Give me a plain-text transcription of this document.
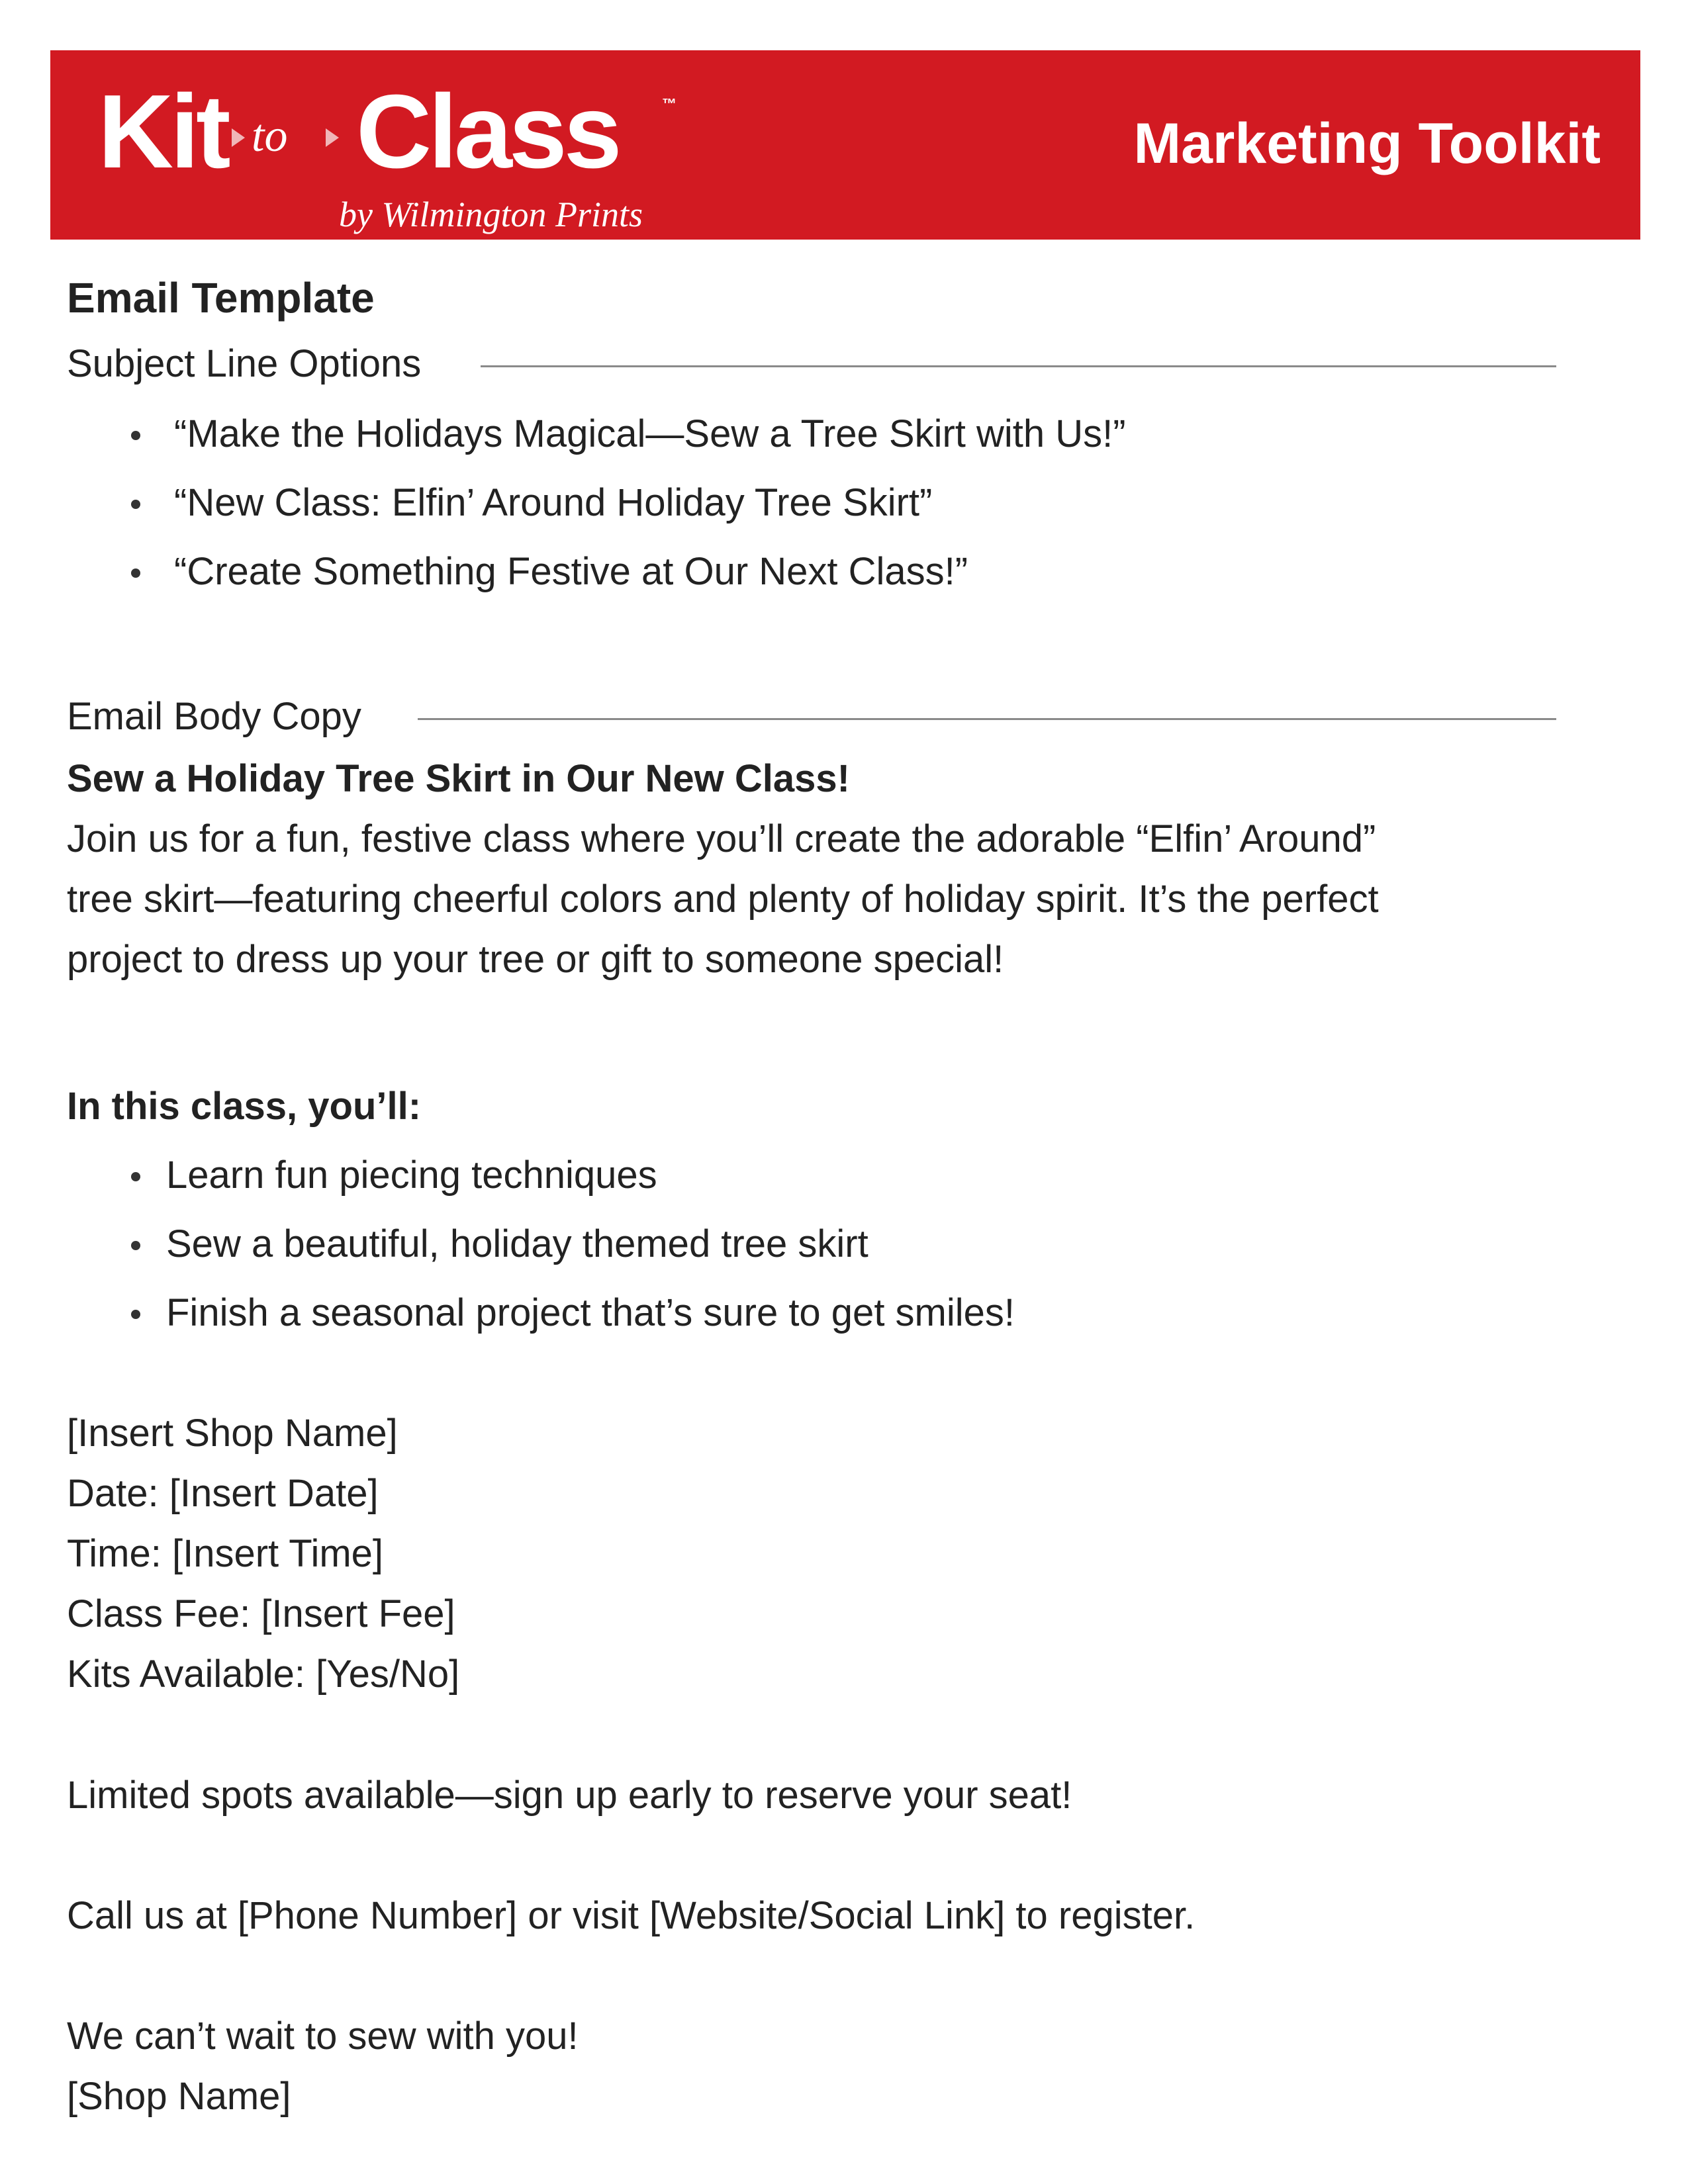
Kit to Class	™
by Wilmington Prints
Marketing Toolkit
Email Template
Subject Line Options
“Make the Holidays Magical—Sew a Tree Skirt with Us!”
“New Class: Elfin’ Around Holiday Tree Skirt”
“Create Something Festive at Our Next Class!”
Email Body Copy
Sew a Holiday Tree Skirt in Our New Class!
Join us for a fun, festive class where you’ll create the adorable “Elfin’ Around”
tree skirt—featuring cheerful colors and plenty of holiday spirit. It’s the perfect
project to dress up your tree or gift to someone special!
In this class, you’ll:
Learn fun piecing techniques
Sew a beautiful, holiday themed tree skirt
Finish a seasonal project that’s sure to get smiles!
[Insert Shop Name]
Date: [Insert Date]
Time: [Insert Time]
Class Fee: [Insert Fee]
Kits Available: [Yes/No]
Limited spots available—sign up early to reserve your seat!
Call us at [Phone Number] or visit [Website/Social Link] to register.
We can’t wait to sew with you!
[Shop Name]
